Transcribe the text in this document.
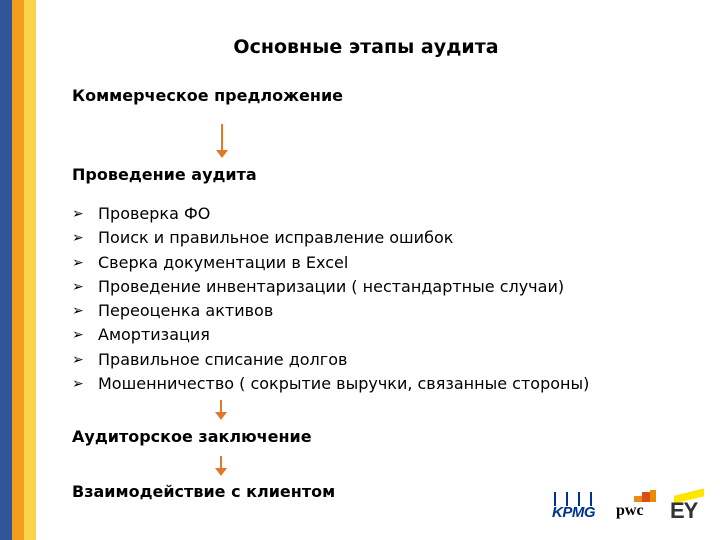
Основные этапы аудита
Коммерческое предложение
Проведение аудита
➢ Проверка ФО
➢ Поиск и правильное исправление ошибок
➢ Сверка документации в Excel
➢ Проведение инвентаризации ( нестандартные случаи)
➢ Переоценка активов
➢ Амортизация
➢ Правильное списание долгов
➢ Мошенничество ( сокрытие выручки, связанные стороны)
Аудиторское заключение
Взаимодействие с клиентом
KPMG pwc EY
